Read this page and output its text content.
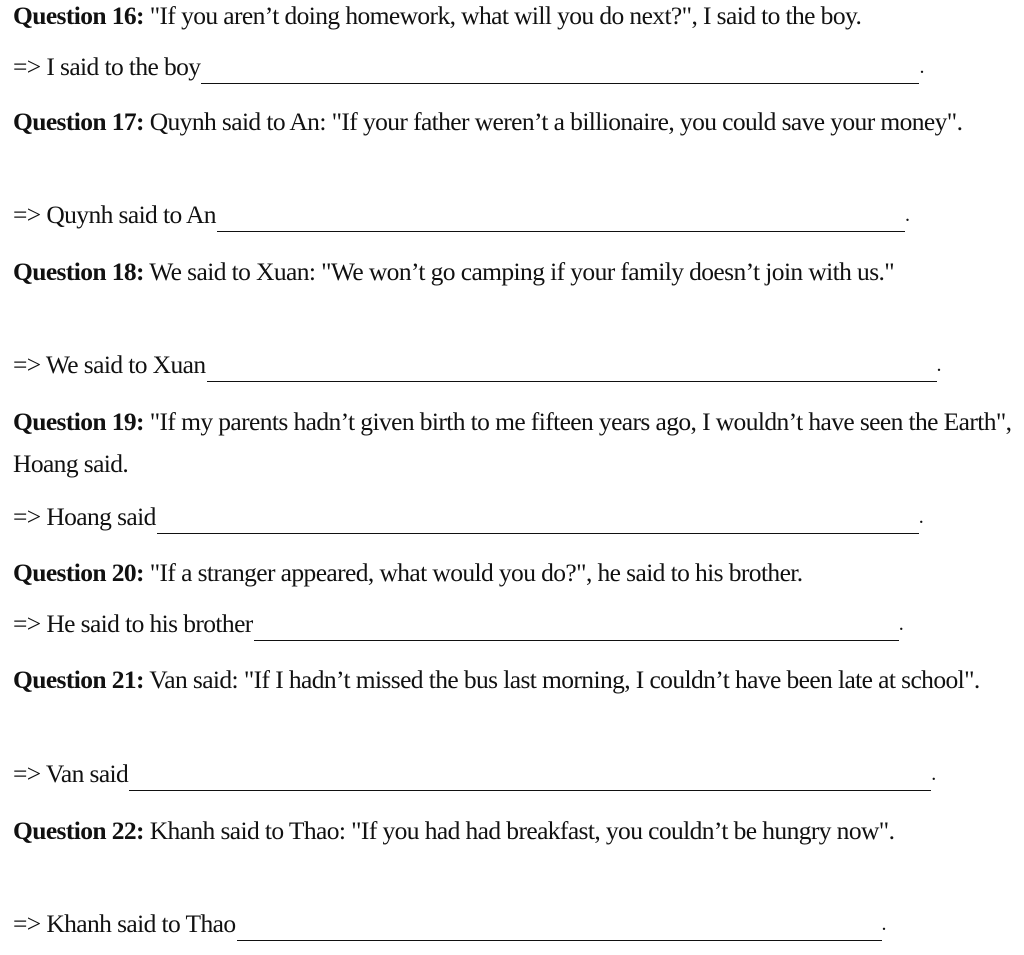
Question 16: "If you aren’t doing homework, what will you do next?", I said to the boy.
=> I said to the boy	.
Question 17: Quynh said to An: "If your father weren’t a billionaire, you could save your money".
=> Quynh said to An	.
Question 18: We said to Xuan: "We won’t go camping if your family doesn’t join with us."
=> We said to Xuan	.
Question 19: "If my parents hadn’t given birth to me fifteen years ago, I wouldn’t have seen the Earth", Hoang said.
=> Hoang said	.
Question 20: "If a stranger appeared, what would you do?", he said to his brother.
=> He said to his brother	.
Question 21: Van said: "If I hadn’t missed the bus last morning, I couldn’t have been late at school".
=> Van said	.
Question 22: Khanh said to Thao: "If you had had breakfast, you couldn’t be hungry now".
=> Khanh said to Thao	.
